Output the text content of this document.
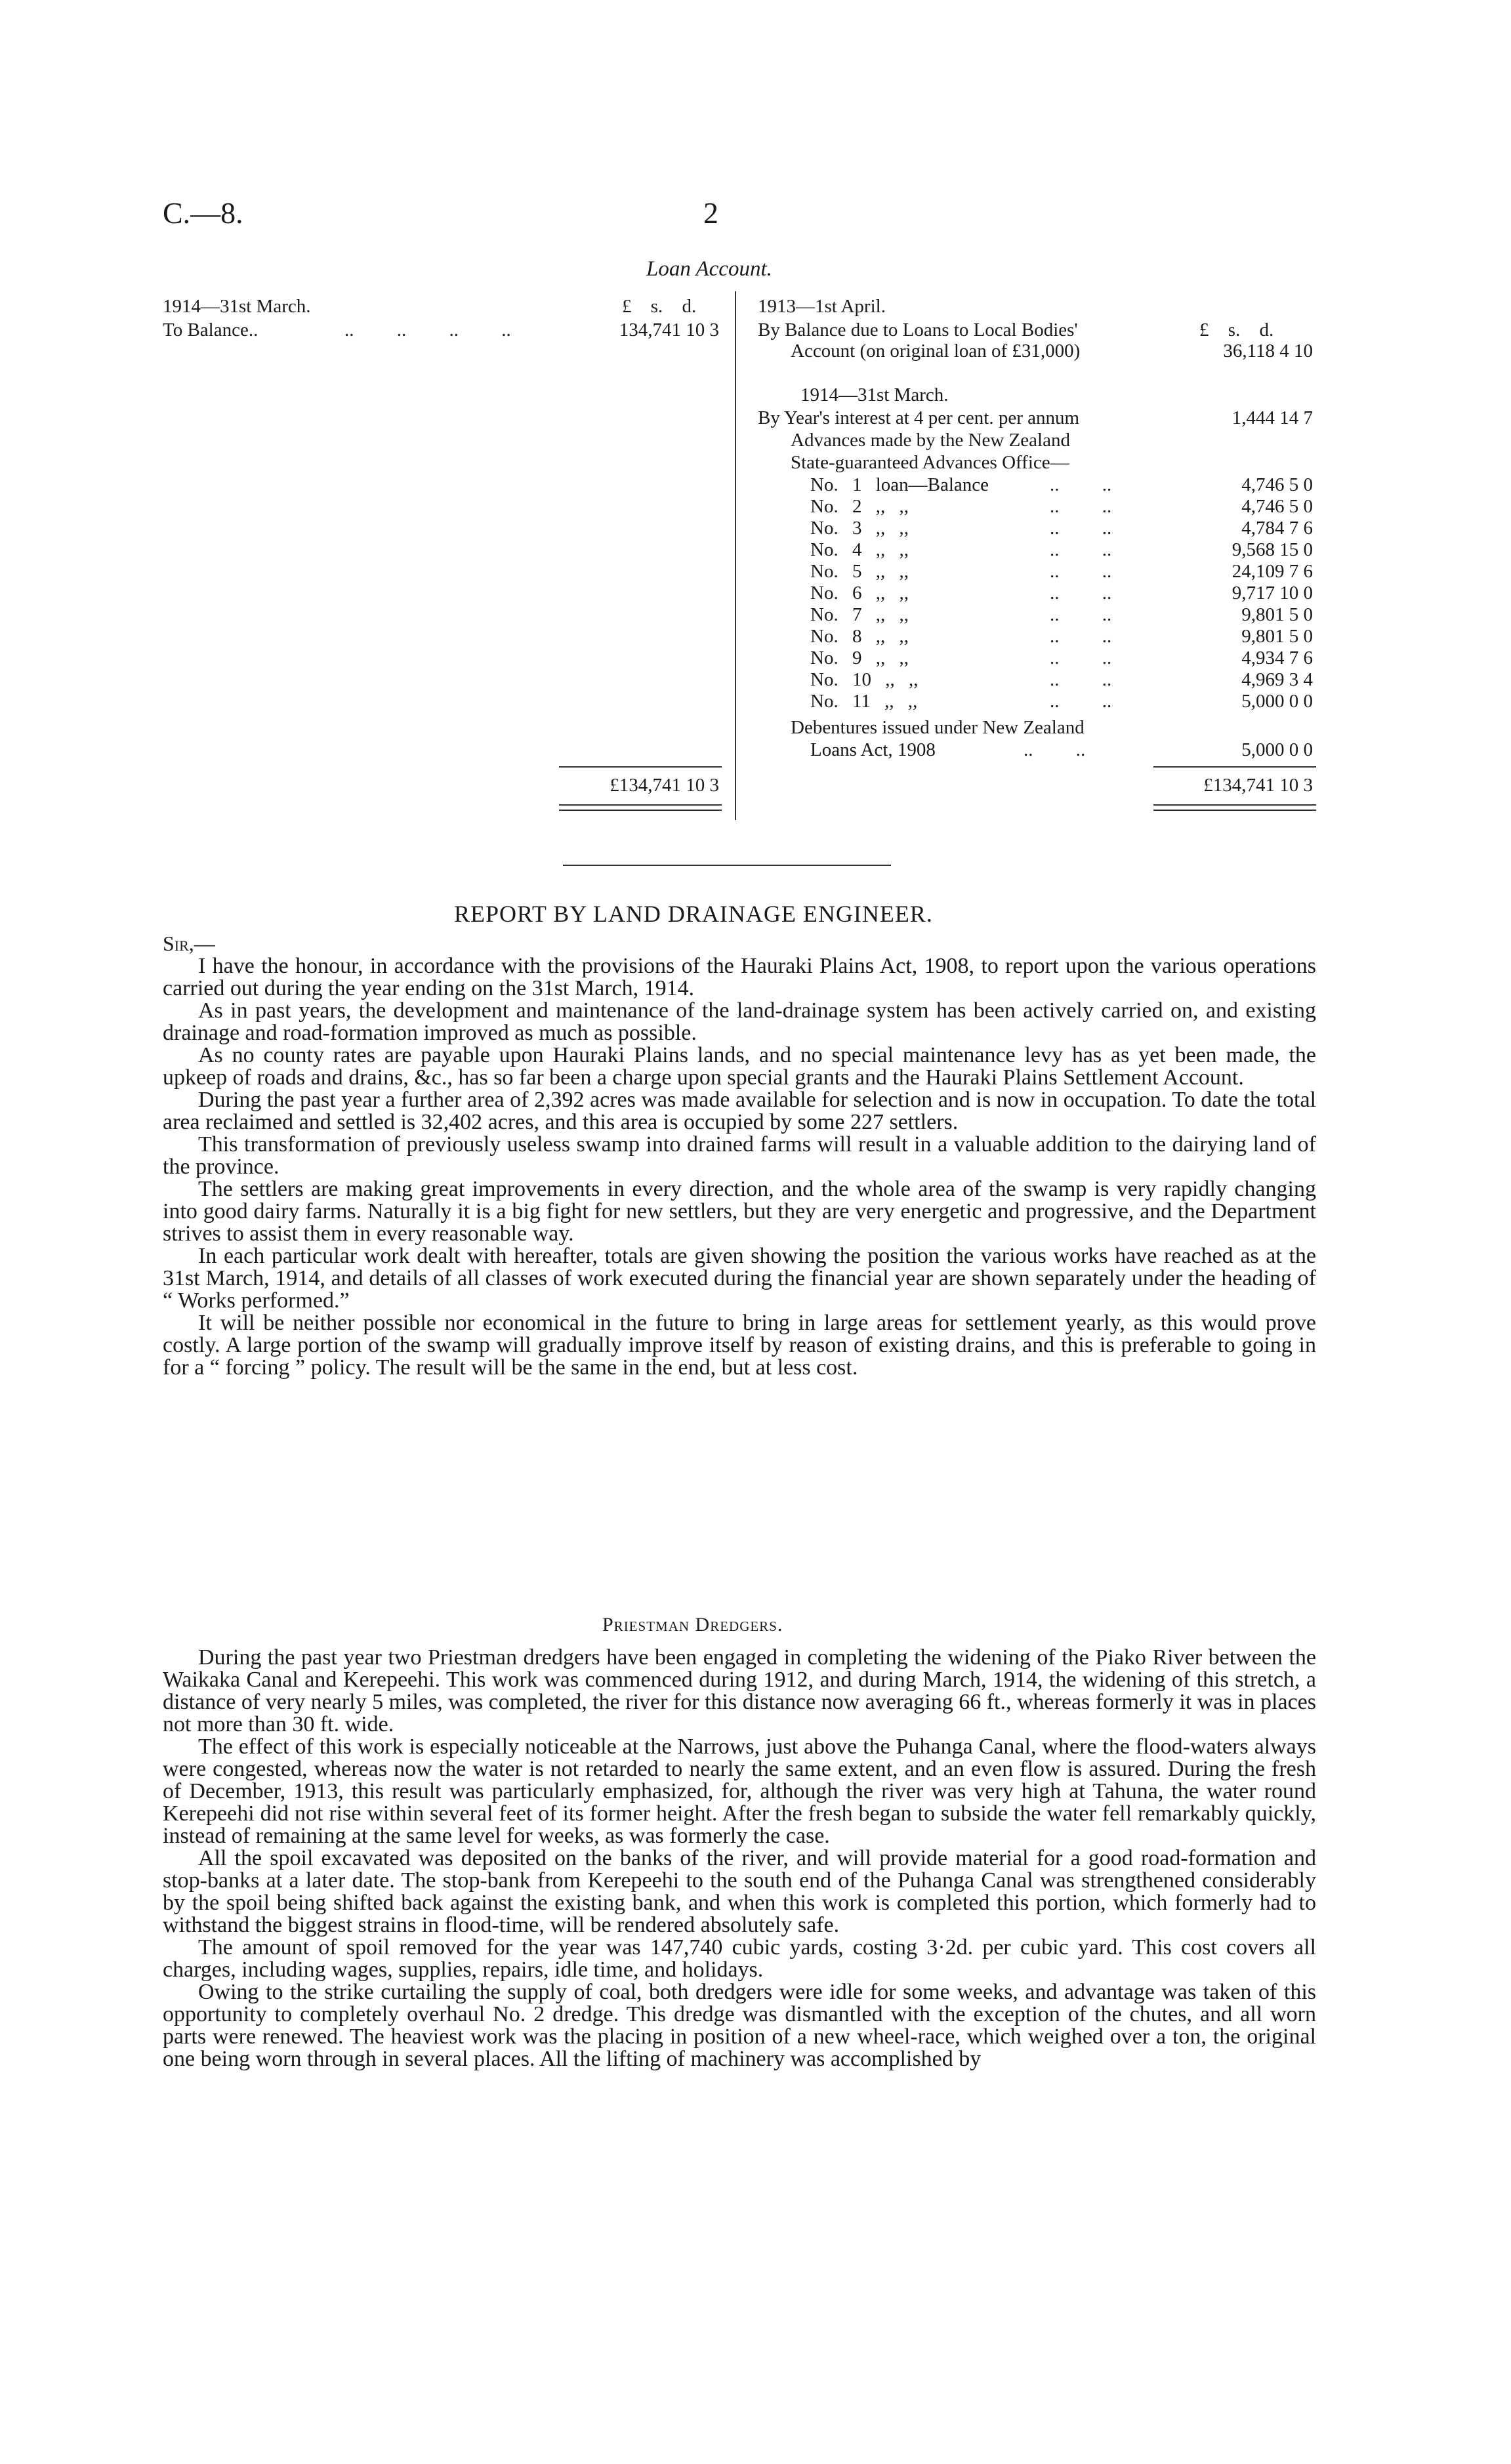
C.—8.	2
Loan Account.
1914—31st March.	£ s. d.
To Balance..	.. .. .. ..	134,741 10 3
£134,741 10 3
1913—1st April.
£ s. d.
By Balance due to Loans to Local Bodies'
Account (on original loan of £31,000)	36,118 4 10
1914—31st March.
By Year's interest at 4 per cent. per annum	1,444 14 7
Advances made by the New Zealand
State-guaranteed Advances Office—
No. 1 loan—Balance	.. ..	4,746 5 0
No. 2 ,, ,,	.. ..	4,746 5 0
No. 3 ,, ,,	.. ..	4,784 7 6
No. 4 ,, ,,	.. ..	9,568 15 0
No. 5 ,, ,,	.. ..	24,109 7 6
No. 6 ,, ,,	.. ..	9,717 10 0
No. 7 ,, ,,	.. ..	9,801 5 0
No. 8 ,, ,,	.. ..	9,801 5 0
No. 9 ,, ,,	.. ..	4,934 7 6
No. 10 ,, ,,	.. ..	4,969 3 4
No. 11 ,, ,,	.. ..	5,000 0 0
Debentures issued under New Zealand
Loans Act, 1908	.. ..	5,000 0 0
£134,741 10 3
REPORT BY LAND DRAINAGE ENGINEER.
Sir,—
I have the honour, in accordance with the provisions of the Hauraki Plains Act, 1908, to report upon the various operations carried out during the year ending on the 31st March, 1914.
As in past years, the development and maintenance of the land-drainage system has been actively carried on, and existing drainage and road-formation improved as much as possible.
As no county rates are payable upon Hauraki Plains lands, and no special maintenance levy has as yet been made, the upkeep of roads and drains, &c., has so far been a charge upon special grants and the Hauraki Plains Settlement Account.
During the past year a further area of 2,392 acres was made available for selection and is now in occupation. To date the total area reclaimed and settled is 32,402 acres, and this area is occupied by some 227 settlers.
This transformation of previously useless swamp into drained farms will result in a valuable addition to the dairying land of the province.
The settlers are making great improvements in every direction, and the whole area of the swamp is very rapidly changing into good dairy farms. Naturally it is a big fight for new settlers, but they are very energetic and progressive, and the Department strives to assist them in every reasonable way.
In each particular work dealt with hereafter, totals are given showing the position the various works have reached as at the 31st March, 1914, and details of all classes of work executed during the financial year are shown separately under the heading of “ Works performed.”
It will be neither possible nor economical in the future to bring in large areas for settlement yearly, as this would prove costly. A large portion of the swamp will gradually improve itself by reason of existing drains, and this is preferable to going in for a “ forcing ” policy. The result will be the same in the end, but at less cost.
Priestman Dredgers.
During the past year two Priestman dredgers have been engaged in completing the widening of the Piako River between the Waikaka Canal and Kerepeehi. This work was commenced during 1912, and during March, 1914, the widening of this stretch, a distance of very nearly 5 miles, was completed, the river for this distance now averaging 66 ft., whereas formerly it was in places not more than 30 ft. wide.
The effect of this work is especially noticeable at the Narrows, just above the Puhanga Canal, where the flood-waters always were congested, whereas now the water is not retarded to nearly the same extent, and an even flow is assured. During the fresh of December, 1913, this result was particularly emphasized, for, although the river was very high at Tahuna, the water round Kerepeehi did not rise within several feet of its former height. After the fresh began to subside the water fell remarkably quickly, instead of remaining at the same level for weeks, as was formerly the case.
All the spoil excavated was deposited on the banks of the river, and will provide material for a good road-formation and stop-banks at a later date. The stop-bank from Kerepeehi to the south end of the Puhanga Canal was strengthened considerably by the spoil being shifted back against the existing bank, and when this work is completed this portion, which formerly had to withstand the biggest strains in flood-time, will be rendered absolutely safe.
The amount of spoil removed for the year was 147,740 cubic yards, costing 3·2d. per cubic yard. This cost covers all charges, including wages, supplies, repairs, idle time, and holidays.
Owing to the strike curtailing the supply of coal, both dredgers were idle for some weeks, and advantage was taken of this opportunity to completely overhaul No. 2 dredge. This dredge was dismantled with the exception of the chutes, and all worn parts were renewed. The heaviest work was the placing in position of a new wheel-race, which weighed over a ton, the original one being worn through in several places. All the lifting of machinery was accomplished by
